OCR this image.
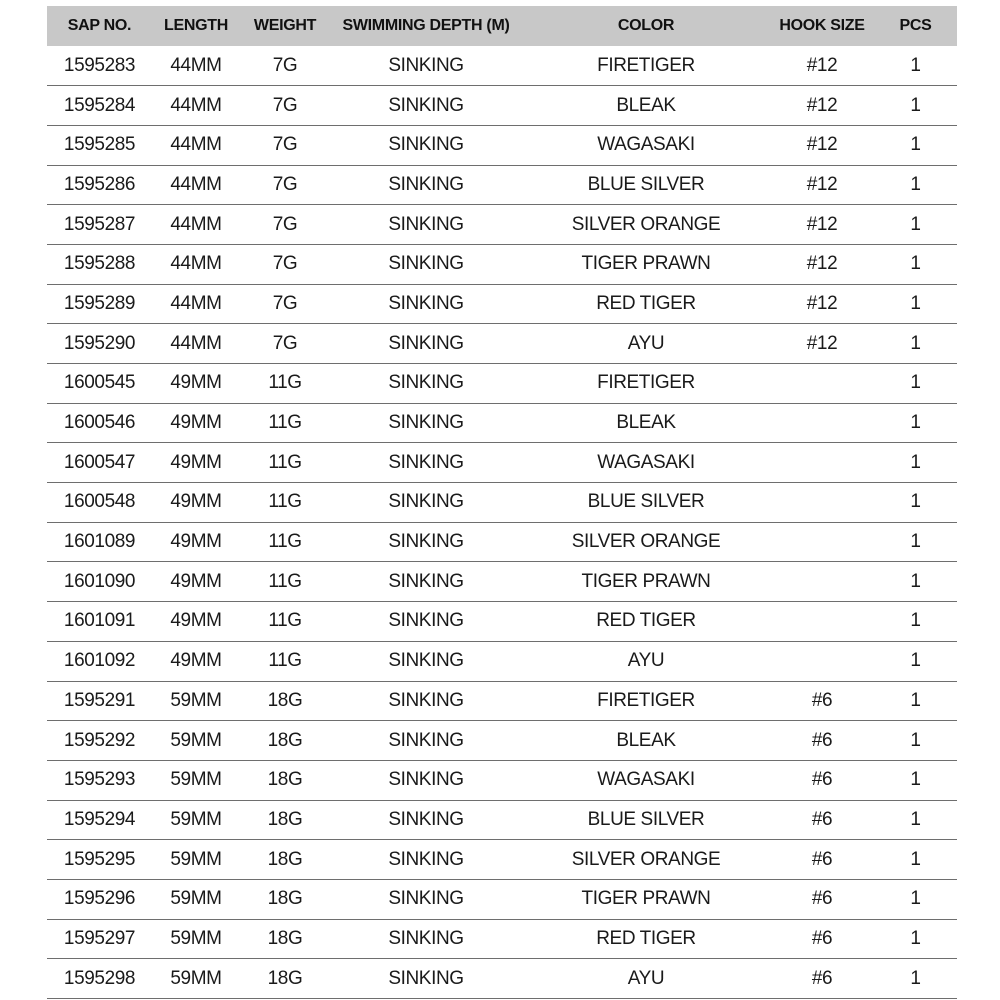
SAP NO.	LENGTH	WEIGHT	SWIMMING DEPTH (M)	COLOR	HOOK SIZE	PCS
1595283	44MM	7G	SINKING	FIRETIGER	#12	1
1595284	44MM	7G	SINKING	BLEAK	#12	1
1595285	44MM	7G	SINKING	WAGASAKI	#12	1
1595286	44MM	7G	SINKING	BLUE SILVER	#12	1
1595287	44MM	7G	SINKING	SILVER ORANGE	#12	1
1595288	44MM	7G	SINKING	TIGER PRAWN	#12	1
1595289	44MM	7G	SINKING	RED TIGER	#12	1
1595290	44MM	7G	SINKING	AYU	#12	1
1600545	49MM	11G	SINKING	FIRETIGER		1
1600546	49MM	11G	SINKING	BLEAK		1
1600547	49MM	11G	SINKING	WAGASAKI		1
1600548	49MM	11G	SINKING	BLUE SILVER		1
1601089	49MM	11G	SINKING	SILVER ORANGE		1
1601090	49MM	11G	SINKING	TIGER PRAWN		1
1601091	49MM	11G	SINKING	RED TIGER		1
1601092	49MM	11G	SINKING	AYU		1
1595291	59MM	18G	SINKING	FIRETIGER	#6	1
1595292	59MM	18G	SINKING	BLEAK	#6	1
1595293	59MM	18G	SINKING	WAGASAKI	#6	1
1595294	59MM	18G	SINKING	BLUE SILVER	#6	1
1595295	59MM	18G	SINKING	SILVER ORANGE	#6	1
1595296	59MM	18G	SINKING	TIGER PRAWN	#6	1
1595297	59MM	18G	SINKING	RED TIGER	#6	1
1595298	59MM	18G	SINKING	AYU	#6	1
